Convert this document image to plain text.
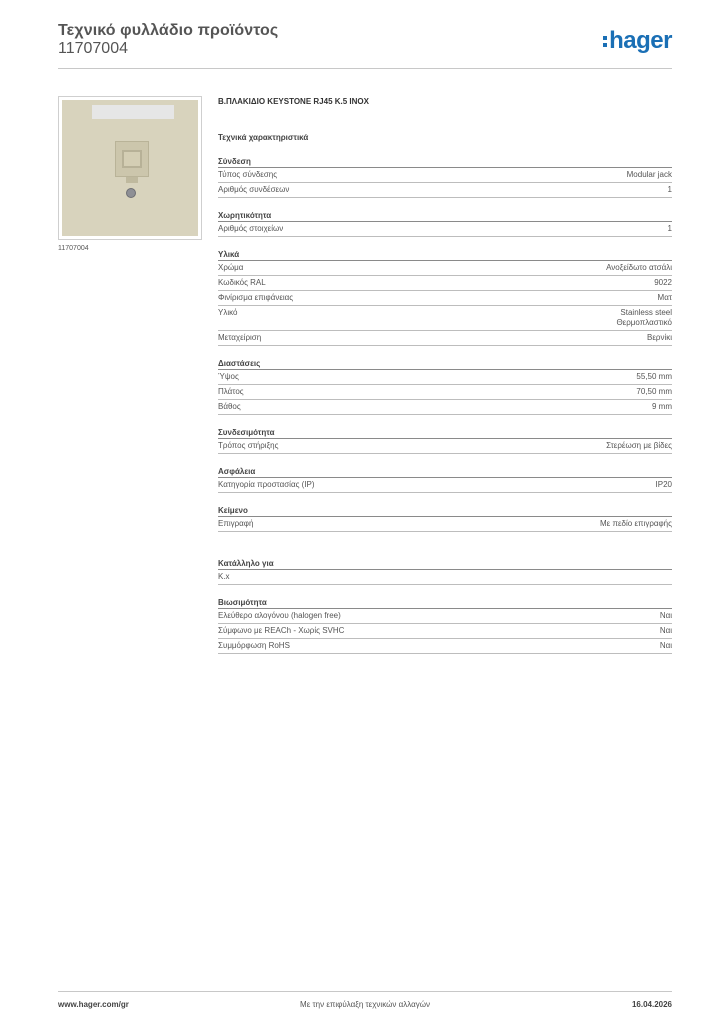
Τεχνικό φυλλάδιο προϊόντος
11707004	hager
11707004
Β.ΠΛΑΚΙΔΙΟ KEYSTONE RJ45 Κ.5 ΙΝΟΧ
Τεχνικά χαρακτηριστικά
Σύνδεση
Τύπος σύνδεσης	Modular jack
Αριθμός συνδέσεων	1
Χωρητικότητα
Αριθμός στοιχείων	1
Υλικά
Χρώμα	Ανοξείδωτο ατσάλι
Κωδικός RAL	9022
Φινίρισμα επιφάνειας	Ματ
Υλικό	Stainless steel
Θερμοπλαστικό
Μεταχείριση	Βερνίκι
Διαστάσεις
Ύψος	55,50 mm
Πλάτος	70,50 mm
Βάθος	9 mm
Συνδεσιμότητα
Τρόπος στήριξης	Στερέωση με βίδες
Ασφάλεια
Κατηγορία προστασίας (IP)	IP20
Κείμενο
Επιγραφή	Με πεδίο επιγραφής
Κατάλληλο για
Κ.x
Βιωσιμότητα
Ελεύθερο αλογόνου (halogen free)	Ναι
Σύμφωνο με REACh - Χωρίς SVHC	Ναι
Συμμόρφωση RoHS	Ναι
www.hager.com/gr	Με την επιφύλαξη τεχνικών αλλαγών	16.04.2026
